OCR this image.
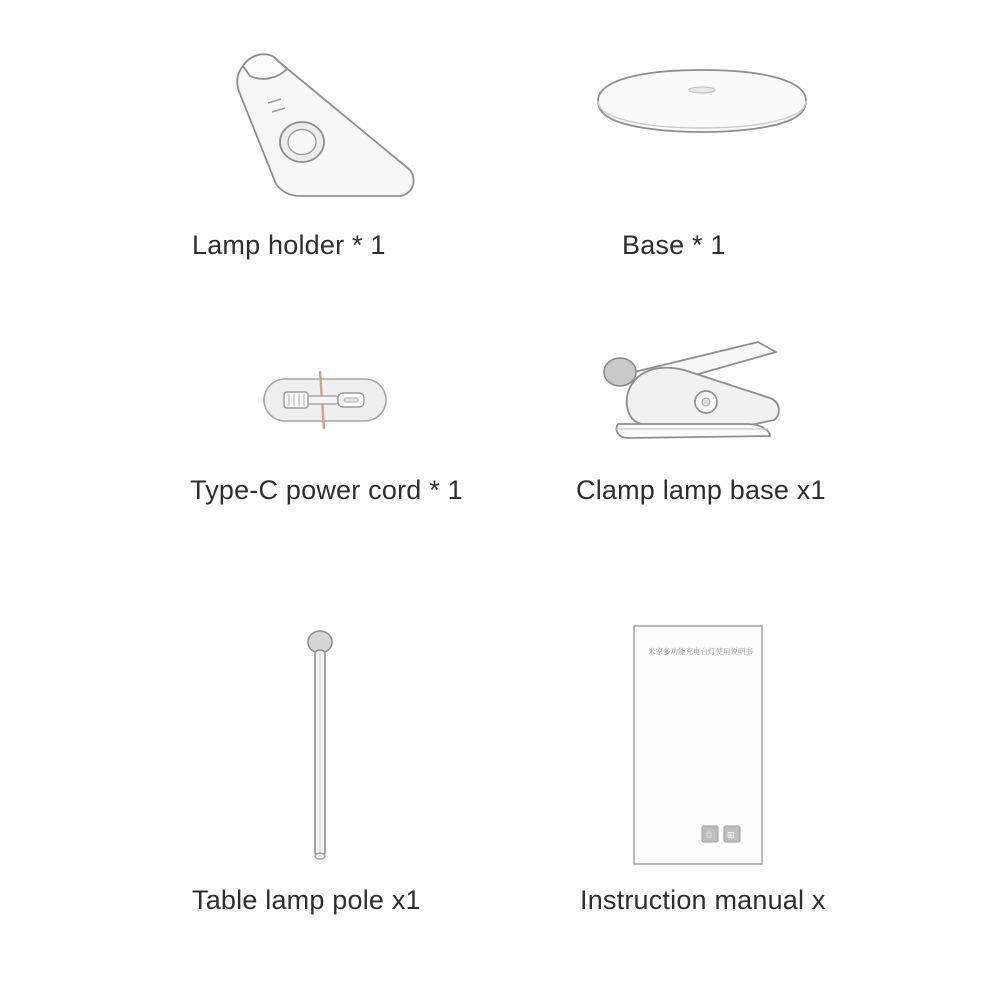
Lamp holder * 1	Base * 1
Type-C power cord * 1	Clamp lamp base x1
Table lamp pole x1
米家多功能充电台灯使用说明书
♲ ⊞
Instruction manual x
